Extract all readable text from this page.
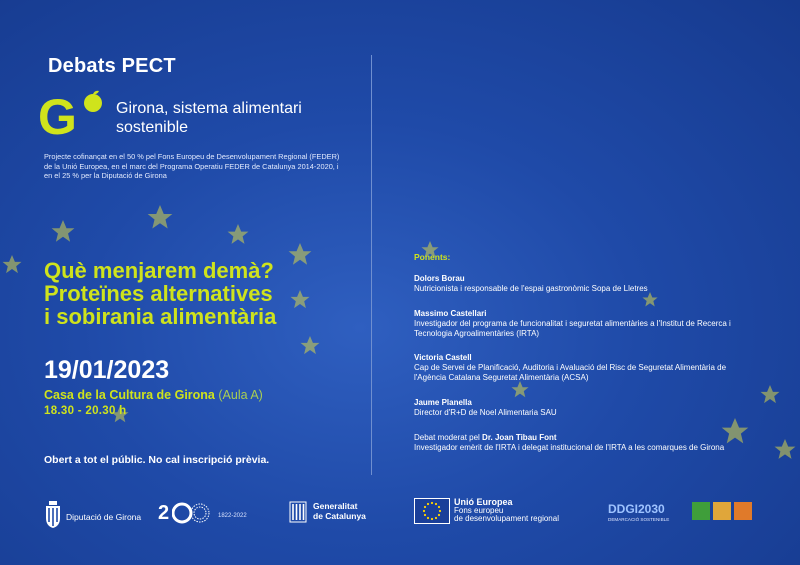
Debats PECT
G Girona, sistema alimentari
sostenible
Projecte cofinançat en el 50 % pel Fons Europeu de Desenvolupament Regional (FEDER) de la Unió Europea, en el marc del Programa Operatiu FEDER de Catalunya 2014-2020, i en el 25 % per la Diputació de Girona
Què menjarem demà?
Proteïnes alternatives
i sobirania alimentària
19/01/2023
Casa de la Cultura de Girona (Aula A)
18.30 - 20.30 h
Obert a tot el públic. No cal inscripció prèvia.
Ponents:
Dolors Borau
Nutricionista i responsable de l'espai gastronòmic Sopa de Lletres
Massimo Castellari
Investigador del programa de funcionalitat i seguretat alimentàries a l'Institut de Recerca i Tecnologia Agroalimentàries (IRTA)
Victoria Castell
Cap de Servei de Planificació, Auditoria i Avaluació del Risc de Seguretat Alimentària de l'Agència Catalana Seguretat Alimentària (ACSA)
Jaume Planella
Director d'R+D de Noel Alimentaria SAU
Debat moderat pel Dr. Joan Tibau Font
Investigador emèrit de l'IRTA i delegat institucional de l'IRTA a les comarques de Girona
Diputació de Girona 2	1822-2022
Generalitat
de Catalunya
Unió Europea
Fons europeu
de desenvolupament regional
DDGI2030
DEMARCACIÓ SOSTENIBLE
